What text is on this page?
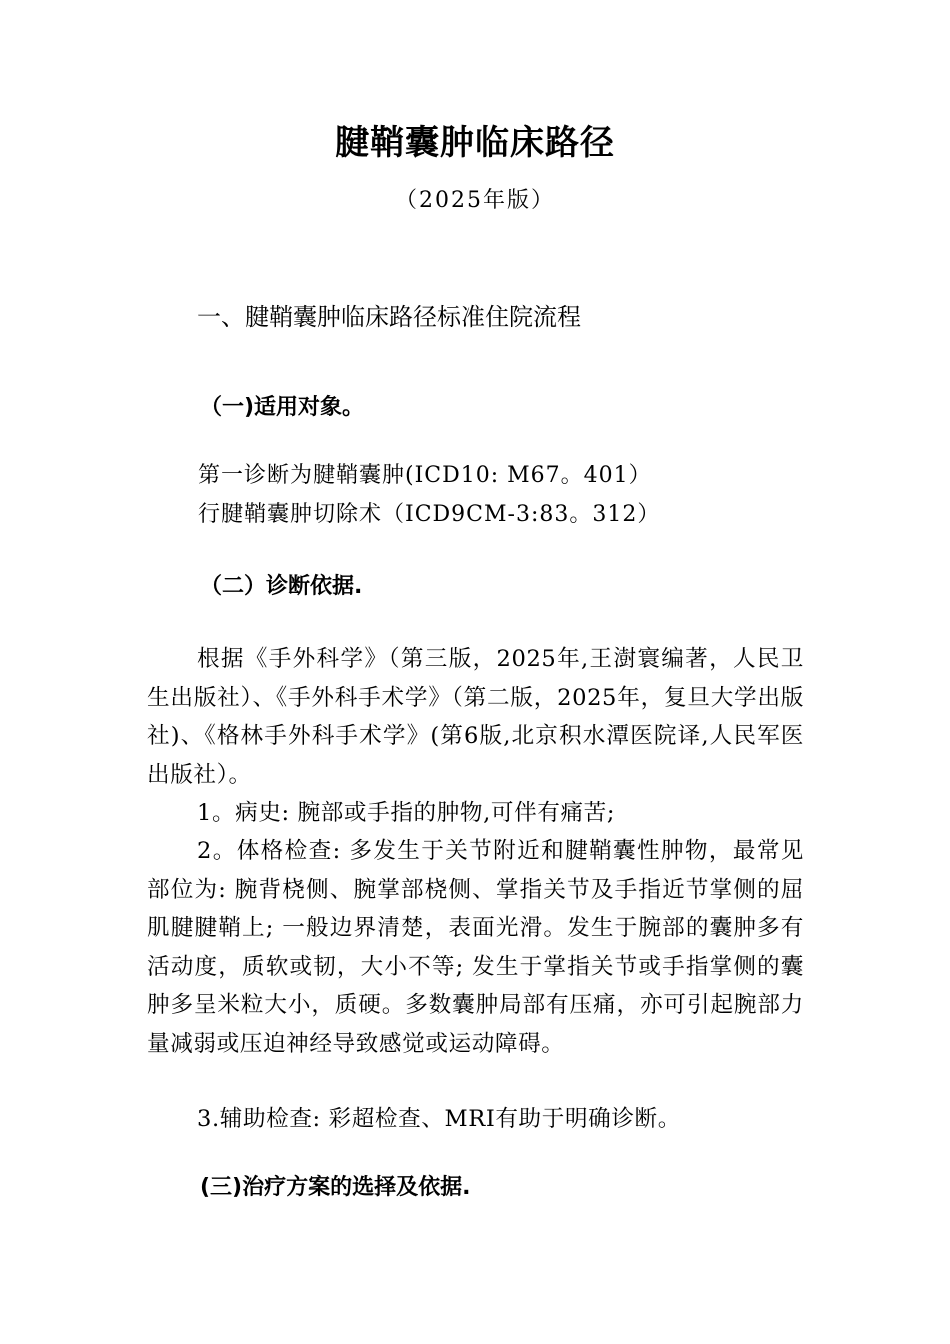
腱鞘囊肿临床路径
（2025年版）
一、腱鞘囊肿临床路径标准住院流程
（一)适用对象。
第一诊断为腱鞘囊肿(ICD10: M67。401）
行腱鞘囊肿切除术（ICD9CM-3:83。312）
（二）诊断依据.
根据《手外科学》（第三版，2025年,王澍寰编著，人民卫生出版社）、《手外科手术学》（第二版，2025年，复旦大学出版社)、《格林手外科手术学》(第6版,北京积水潭医院译,人民军医出版社）。
1。病史: 腕部或手指的肿物,可伴有痛苦;
2。体格检查: 多发生于关节附近和腱鞘囊性肿物，最常见部位为: 腕背桡侧、腕掌部桡侧、掌指关节及手指近节掌侧的屈肌腱腱鞘上; 一般边界清楚，表面光滑。发生于腕部的囊肿多有活动度，质软或韧，大小不等; 发生于掌指关节或手指掌侧的囊肿多呈米粒大小，质硬。多数囊肿局部有压痛，亦可引起腕部力量减弱或压迫神经导致感觉或运动障碍。
3.辅助检查: 彩超检查、MRI有助于明确诊断。
(三)治疗方案的选择及依据.
